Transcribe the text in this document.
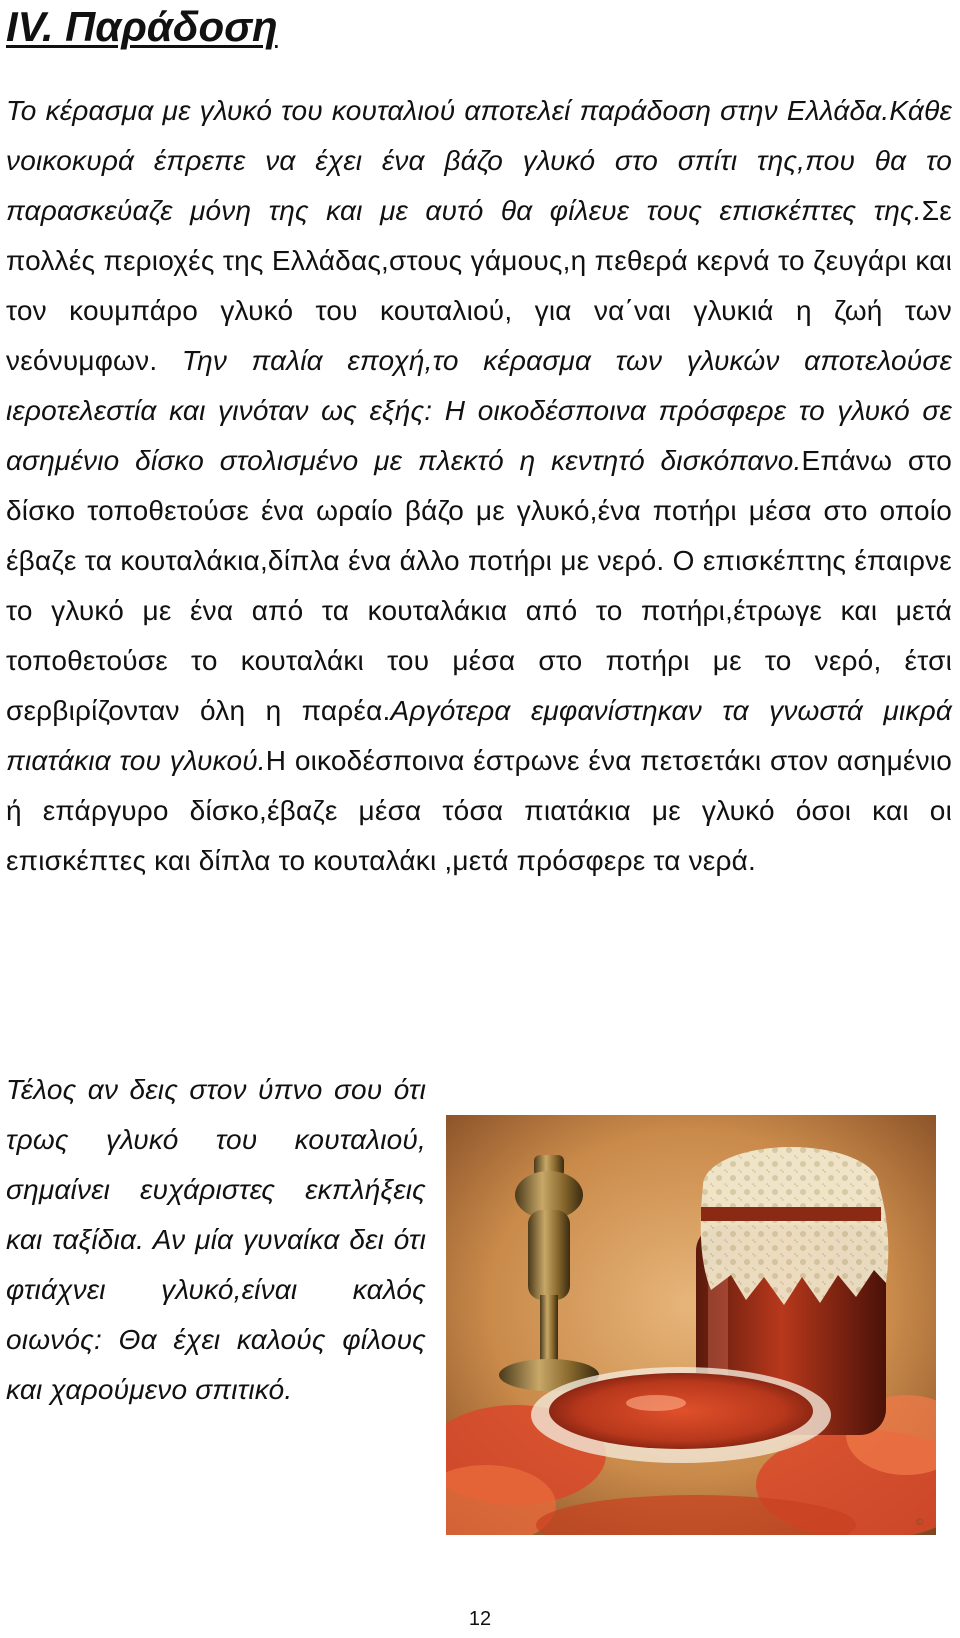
IV. Παράδοση

Το κέρασμα με γλυκό του κουταλιού αποτελεί παράδοση στην Ελλάδα.Κάθε νοικοκυρά έπρεπε να έχει ένα βάζο γλυκό στο σπίτι της,που θα το παρασκεύαζε μόνη της και με αυτό θα φίλευε τους επισκέπτες της.Σε πολλές περιοχές της Ελλάδας,στους γάμους,η πεθερά κερνά το ζευγάρι και τον κουμπάρο γλυκό του κουταλιού, για να΄ναι γλυκιά η ζωή των νεόνυμφων. Την παλία εποχή,το κέρασμα των γλυκών αποτελούσε ιεροτελεστία και γινόταν ως εξής: Η οικοδέσποινα πρόσφερε το γλυκό σε ασημένιο δίσκο στολισμένο με πλεκτό η κεντητό δισκόπανο.Επάνω στο δίσκο τοποθετούσε ένα ωραίο βάζο με γλυκό,ένα ποτήρι μέσα στο οποίο έβαζε τα κουταλάκια,δίπλα ένα άλλο ποτήρι με νερό. Ο επισκέπτης έπαιρνε το γλυκό με ένα από τα κουταλάκια από το ποτήρι,έτρωγε και μετά τοποθετούσε το κουταλάκι του μέσα στο ποτήρι με το νερό, έτσι σερβιρίζονταν όλη η παρέα.Αργότερα εμφανίστηκαν τα γνωστά μικρά πιατάκια του γλυκού.Η οικοδέσποινα έστρωνε ένα πετσετάκι στον ασημένιο ή επάργυρο δίσκο,έβαζε μέσα τόσα πιατάκια με γλυκό όσοι και οι επισκέπτες και δίπλα το κουταλάκι ,μετά πρόσφερε τα νερά.

Τέλος αν δεις στον ύπνο σου ότι τρως γλυκό του κουταλιού, σημαίνει ευχάριστες εκπλήξεις και ταξίδια. Αν μία γυναίκα δει ότι φτιάχνει γλυκό,είναι καλός οιωνός: Θα έχει καλούς φίλους και χαρούμενο σπιτικό.

©
12
